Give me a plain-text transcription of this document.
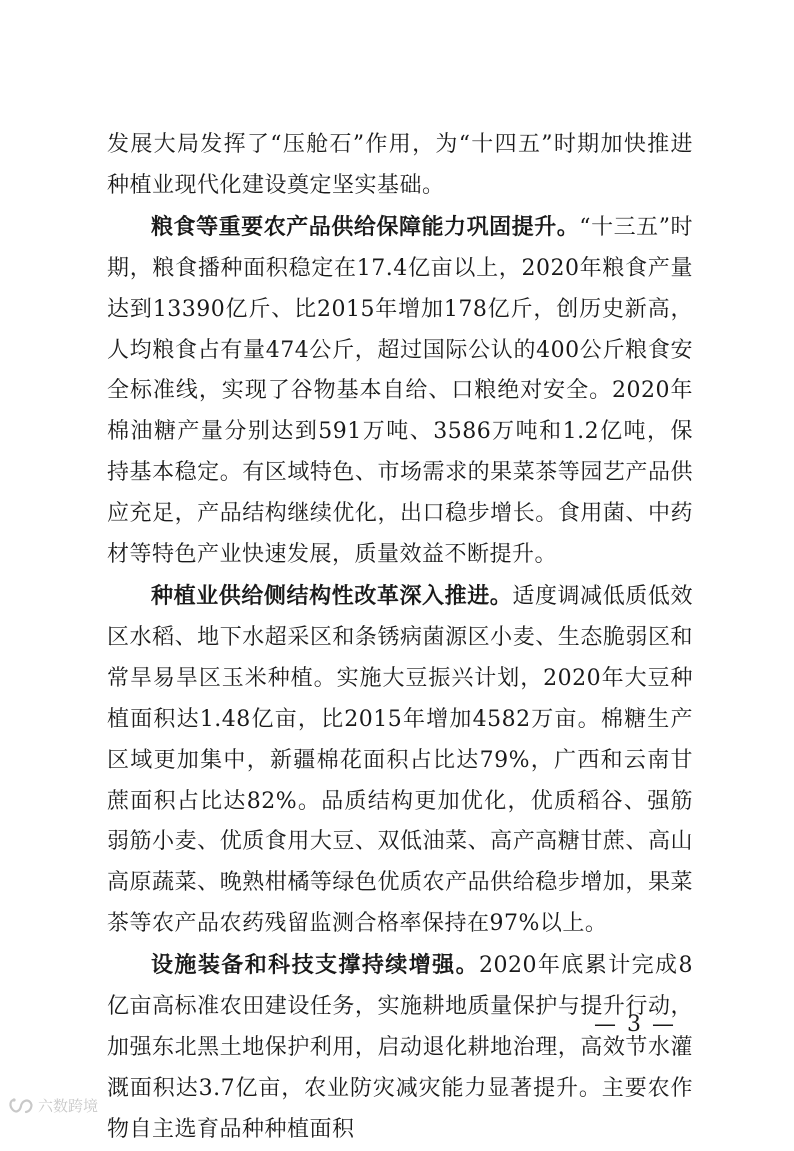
发展大局发挥了“压舱石”作用，为“十四五”时期加快推进种植业现代化建设奠定坚实基础。

粮食等重要农产品供给保障能力巩固提升。“十三五”时期，粮食播种面积稳定在17.4亿亩以上，2020年粮食产量达到13390亿斤、比2015年增加178亿斤，创历史新高，人均粮食占有量474公斤，超过国际公认的400公斤粮食安全标准线，实现了谷物基本自给、口粮绝对安全。2020年棉油糖产量分别达到591万吨、3586万吨和1.2亿吨，保持基本稳定。有区域特色、市场需求的果菜茶等园艺产品供应充足，产品结构继续优化，出口稳步增长。食用菌、中药材等特色产业快速发展，质量效益不断提升。

种植业供给侧结构性改革深入推进。适度调减低质低效区水稻、地下水超采区和条锈病菌源区小麦、生态脆弱区和常旱易旱区玉米种植。实施大豆振兴计划，2020年大豆种植面积达1.48亿亩，比2015年增加4582万亩。棉糖生产区域更加集中，新疆棉花面积占比达79%，广西和云南甘蔗面积占比达82%。品质结构更加优化，优质稻谷、强筋弱筋小麦、优质食用大豆、双低油菜、高产高糖甘蔗、高山高原蔬菜、晚熟柑橘等绿色优质农产品供给稳步增加，果菜茶等农产品农药残留监测合格率保持在97%以上。

设施装备和科技支撑持续增强。2020年底累计完成8亿亩高标准农田建设任务，实施耕地质量保护与提升行动，加强东北黑土地保护利用，启动退化耕地治理，高效节水灌溉面积达3.7亿亩，农业防灾减灾能力显著提升。主要农作物自主选育品种种植面积

— 3 —
六数跨境
